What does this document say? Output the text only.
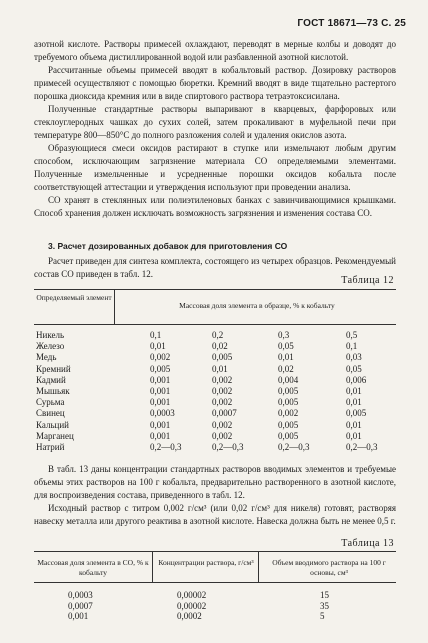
ГОСТ 18671—73 С. 25

азотной кислоте. Растворы примесей охлаждают, переводят в мерные колбы и доводят до требуемого объема дистиллированной водой или разбавленной азотной кислотой.

Рассчитанные объемы примесей вводят в кобальтовый раствор. Дозировку растворов примесей осуществляют с помощью бюретки. Кремний вводят в виде тщательно растертого порошка диоксида кремния или в виде спиртового раствора тетраэтоксисилана.

Полученные стандартные растворы выпаривают в кварцевых, фарфоровых или стеклоуглеродных чашках до сухих солей, затем прокаливают в муфельной печи при температуре 800—850°С до полного разложения солей и удаления окислов азота.

Образующиеся смеси оксидов растирают в ступке или измельчают любым другим способом, исключающим загрязнение материала СО определяемыми элементами. Полученные измельченные и усредненные порошки оксидов кобальта после соответствующей аттестации и утверждения используют при проведении анализа.

СО хранят в стеклянных или полиэтиленовых банках с завинчивающимися крышками. Способ хранения должен исключать возможность загрязнения и изменения состава СО.

3. Расчет дозированных добавок для приготовления СО

Расчет приведен для синтеза комплекта, состоящего из четырех образцов. Рекомендуемый состав СО приведен в табл. 12.

Таблица 12
Определяемый элемент
Массовая доля элемента в образце, % к кобальту
Никель	0,1	0,2	0,3	0,5
Железо	0,01	0,02	0,05	0,1
Медь	0,002	0,005	0,01	0,03
Кремний	0,005	0,01	0,02	0,05
Кадмий	0,001	0,002	0,004	0,006
Мышьяк	0,001	0,002	0,005	0,01
Сурьма	0,001	0,002	0,005	0,01
Свинец	0,0003	0,0007	0,002	0,005
Кальций	0,001	0,002	0,005	0,01
Марганец	0,001	0,002	0,005	0,01
Натрий	0,2—0,3	0,2—0,3	0,2—0,3	0,2—0,3

В табл. 13 даны концентрации стандартных растворов вводимых элементов и требуемые объемы этих растворов на 100 г кобальта, предварительно растворенного в азотной кислоте, для воспроизведения состава, приведенного в табл. 12.

Исходный раствор с титром 0,002 г/см³ (или 0,02 г/см³ для никеля) готовят, растворяя навеску металла или другого реактива в азотной кислоте. Навеска должна быть не менее 0,5 г.

Таблица 13
Массовая доля элемента в СО, % к кобальту
Концентрации раствора, г/см³	Объем вводимого раствора на 100 г основы, см³
0,0003	0,00002	15
0,0007	0,00002	35
0,001	0,0002	5
